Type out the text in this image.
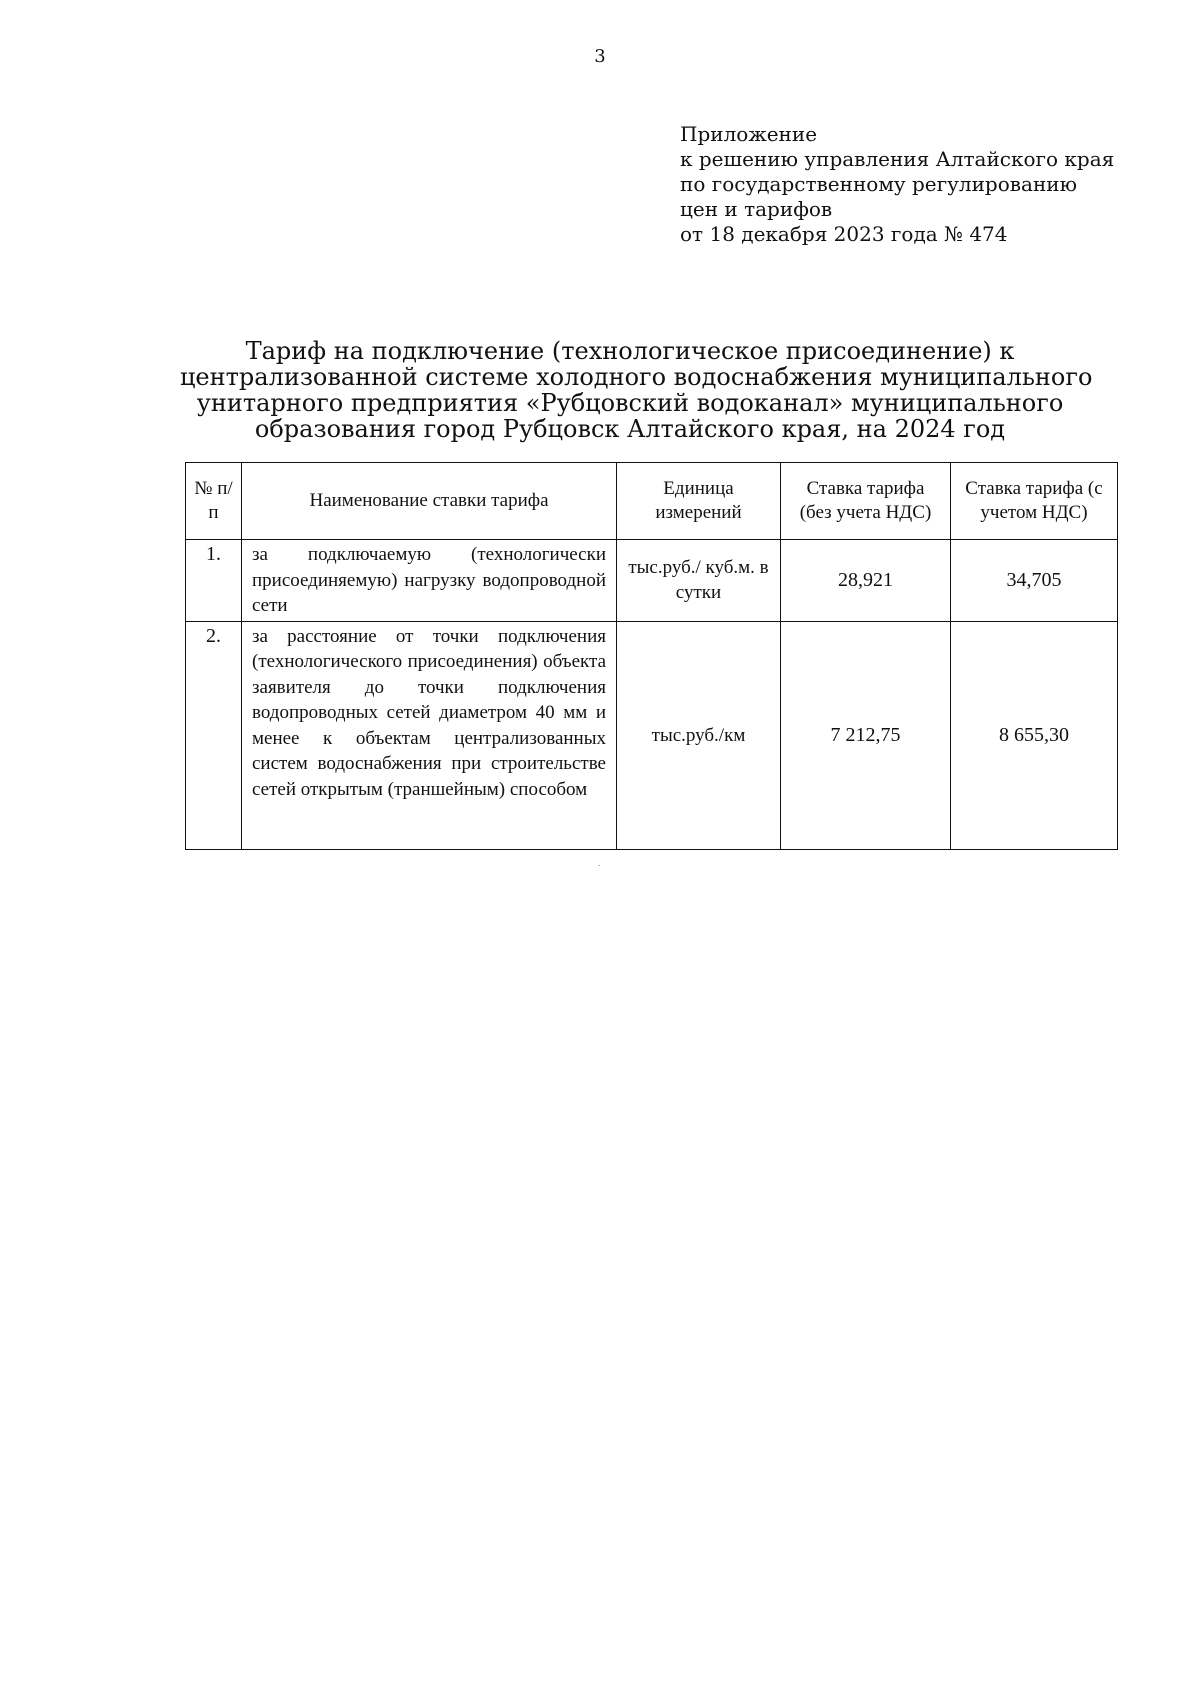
3
Приложение
к решению управления Алтайского края
по государственному регулированию
цен и тарифов
от 18 декабря 2023 года № 474
Тариф на подключение (технологическое присоединение) к
централизованной системе холодного водоснабжения муниципального
унитарного предприятия «Рубцовский водоканал» муниципального
образования город Рубцовск Алтайского края, на 2024 год
№ п/п	Наименование ставки тарифа	Единица измерений	Ставка тарифа (без учета НДС)	Ставка тарифа (с учетом НДС)
1.	за подключаемую (технологически присоединяемую) нагрузку водопроводной сети	тыс.руб./ куб.м. в сутки	28,921	34,705
2.	за расстояние от точки подключения (технологического присоединения) объекта заявителя до точки подключения водопроводных сетей диаметром 40 мм и менее к объектам централизованных систем водоснабжения при строительстве сетей открытым (траншейным) способом	тыс.руб./км	7 212,75	8 655,30
